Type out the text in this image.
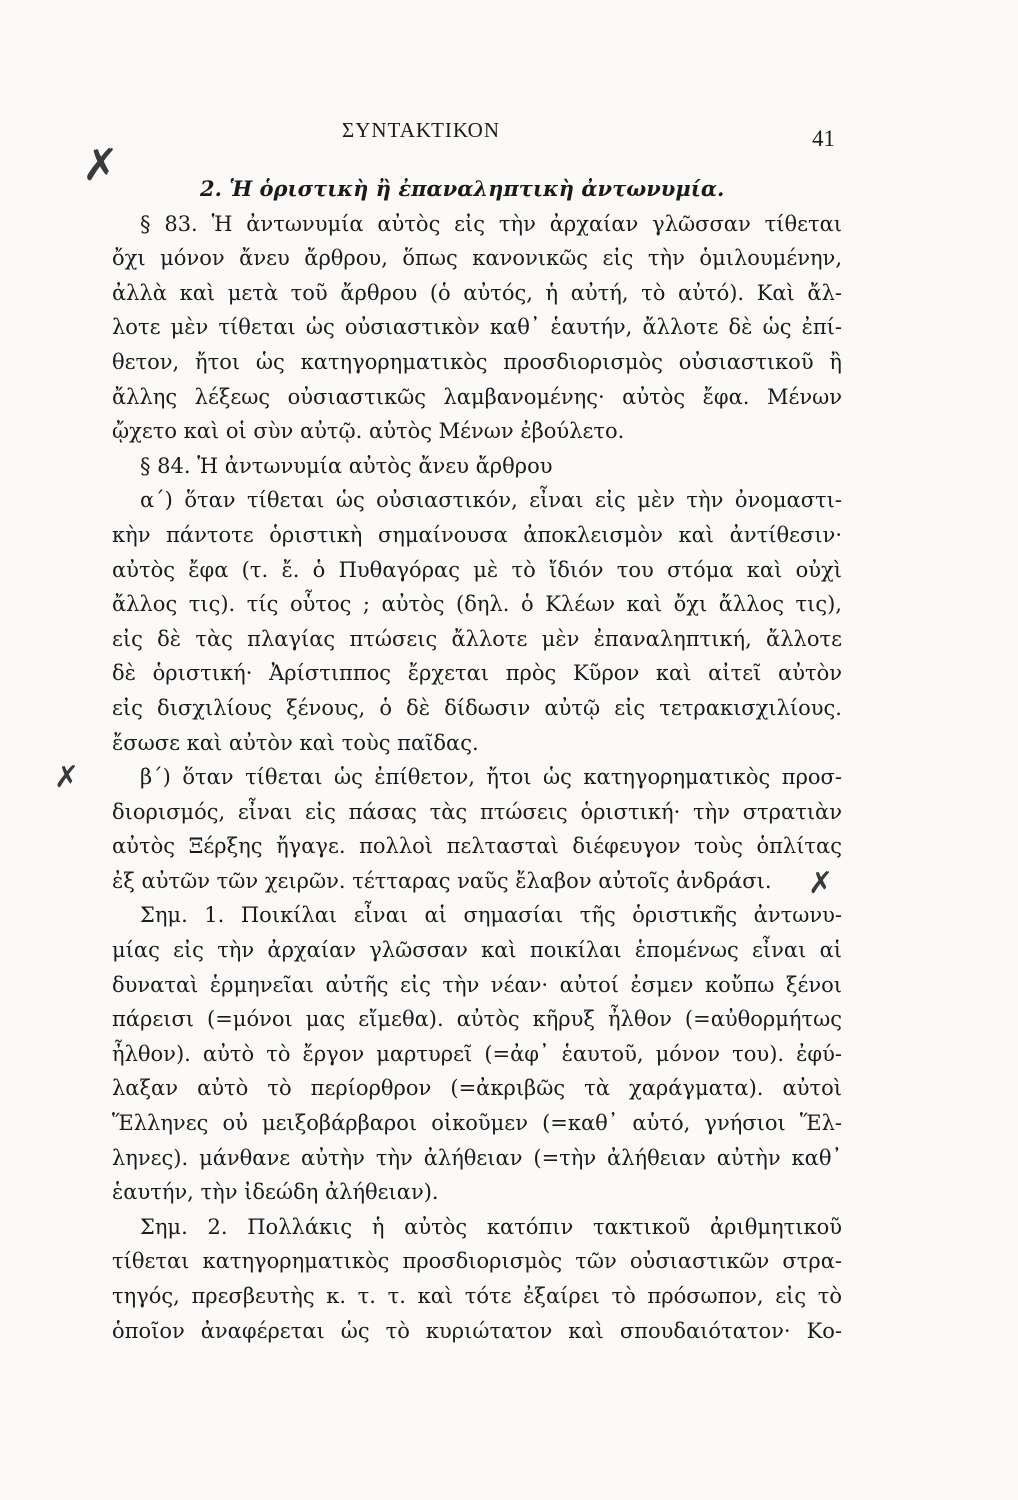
ΣΥΝΤΑΚΤΙΚΟΝ	41
✗
✗
✗
2. Ἡ ὁριστικὴ ἢ ἐπαναληπτικὴ ἀντωνυμία.
§ 83. Ἡ ἀντωνυμία αὐτὸς εἰς τὴν ἀρχαίαν γλῶσσαν τίθεται
ὄχι μόνον ἄνευ ἄρθρου, ὅπως κανονικῶς εἰς τὴν ὁμιλουμένην,
ἀλλὰ καὶ μετὰ τοῦ ἄρθρου (ὁ αὐτός, ἡ αὐτή, τὸ αὐτό). Καὶ ἄλ-
λοτε μὲν τίθεται ὡς οὐσιαστικὸν καθ᾽ ἑαυτήν, ἄλλοτε δὲ ὡς ἐπί-
θετον, ἤτοι ὡς κατηγορηματικὸς προσδιορισμὸς οὐσιαστικοῦ ἢ
ἄλλης λέξεως οὐσιαστικῶς λαμβανομένης· αὐτὸς ἔφα. Μένων
ᾤχετο καὶ οἱ σὺν αὐτῷ. αὐτὸς Μένων ἐβούλετο.
§ 84. Ἡ ἀντωνυμία αὐτὸς ἄνευ ἄρθρου
α΄) ὅταν τίθεται ὡς οὐσιαστικόν, εἶναι εἰς μὲν τὴν ὀνομαστι-
κὴν πάντοτε ὁριστικὴ σημαίνουσα ἀποκλεισμὸν καὶ ἀντίθεσιν·
αὐτὸς ἔφα (τ. ἔ. ὁ Πυθαγόρας μὲ τὸ ἴδιόν του στόμα καὶ οὐχὶ
ἄλλος τις). τίς οὗτος ; αὐτὸς (δηλ. ὁ Κλέων καὶ ὄχι ἄλλος τις),
εἰς δὲ τὰς πλαγίας πτώσεις ἄλλοτε μὲν ἐπαναληπτική, ἄλλοτε
δὲ ὁριστική· Ἀρίστιππος ἔρχεται πρὸς Κῦρον καὶ αἰτεῖ αὐτὸν
εἰς δισχιλίους ξένους, ὁ δὲ δίδωσιν αὐτῷ εἰς τετρακισχιλίους.
ἔσωσε καὶ αὐτὸν καὶ τοὺς παῖδας.
β΄) ὅταν τίθεται ὡς ἐπίθετον, ἤτοι ὡς κατηγορηματικὸς προσ-
διορισμός, εἶναι εἰς πάσας τὰς πτώσεις ὁριστική· τὴν στρατιὰν
αὐτὸς Ξέρξης ἤγαγε. πολλοὶ πελτασταὶ διέφευγον τοὺς ὁπλίτας
ἐξ αὐτῶν τῶν χειρῶν. τέτταρας ναῦς ἔλαβον αὐτοῖς ἀνδράσι.
Σημ. 1. Ποικίλαι εἶναι αἱ σημασίαι τῆς ὁριστικῆς ἀντωνυ-
μίας εἰς τὴν ἀρχαίαν γλῶσσαν καὶ ποικίλαι ἑπομένως εἶναι αἱ
δυναταὶ ἑρμηνεῖαι αὐτῆς εἰς τὴν νέαν· αὐτοί ἐσμεν κοὔπω ξένοι
πάρεισι (=μόνοι μας εἴμεθα). αὐτὸς κῆρυξ ἦλθον (=αὐθορμήτως
ἦλθον). αὐτὸ τὸ ἔργον μαρτυρεῖ (=ἀφ᾽ ἑαυτοῦ, μόνον του). ἐφύ-
λαξαν αὐτὸ τὸ περίορθρον (=ἀκριβῶς τὰ χαράγματα). αὐτοὶ
Ἕλληνες οὐ μειξοβάρβαροι οἰκοῦμεν (=καθ᾽ αὑτό, γνήσιοι Ἕλ-
ληνες). μάνθανε αὐτὴν τὴν ἀλήθειαν (=τὴν ἀλήθειαν αὐτὴν καθ᾽
ἑαυτήν, τὴν ἰδεώδη ἀλήθειαν).
Σημ. 2. Πολλάκις ἡ αὐτὸς κατόπιν τακτικοῦ ἀριθμητικοῦ
τίθεται κατηγορηματικὸς προσδιορισμὸς τῶν οὐσιαστικῶν στρα-
τηγός, πρεσβευτὴς κ. τ. τ. καὶ τότε ἐξαίρει τὸ πρόσωπον, εἰς τὸ
ὁποῖον ἀναφέρεται ὡς τὸ κυριώτατον καὶ σπουδαιότατον· Κο-
